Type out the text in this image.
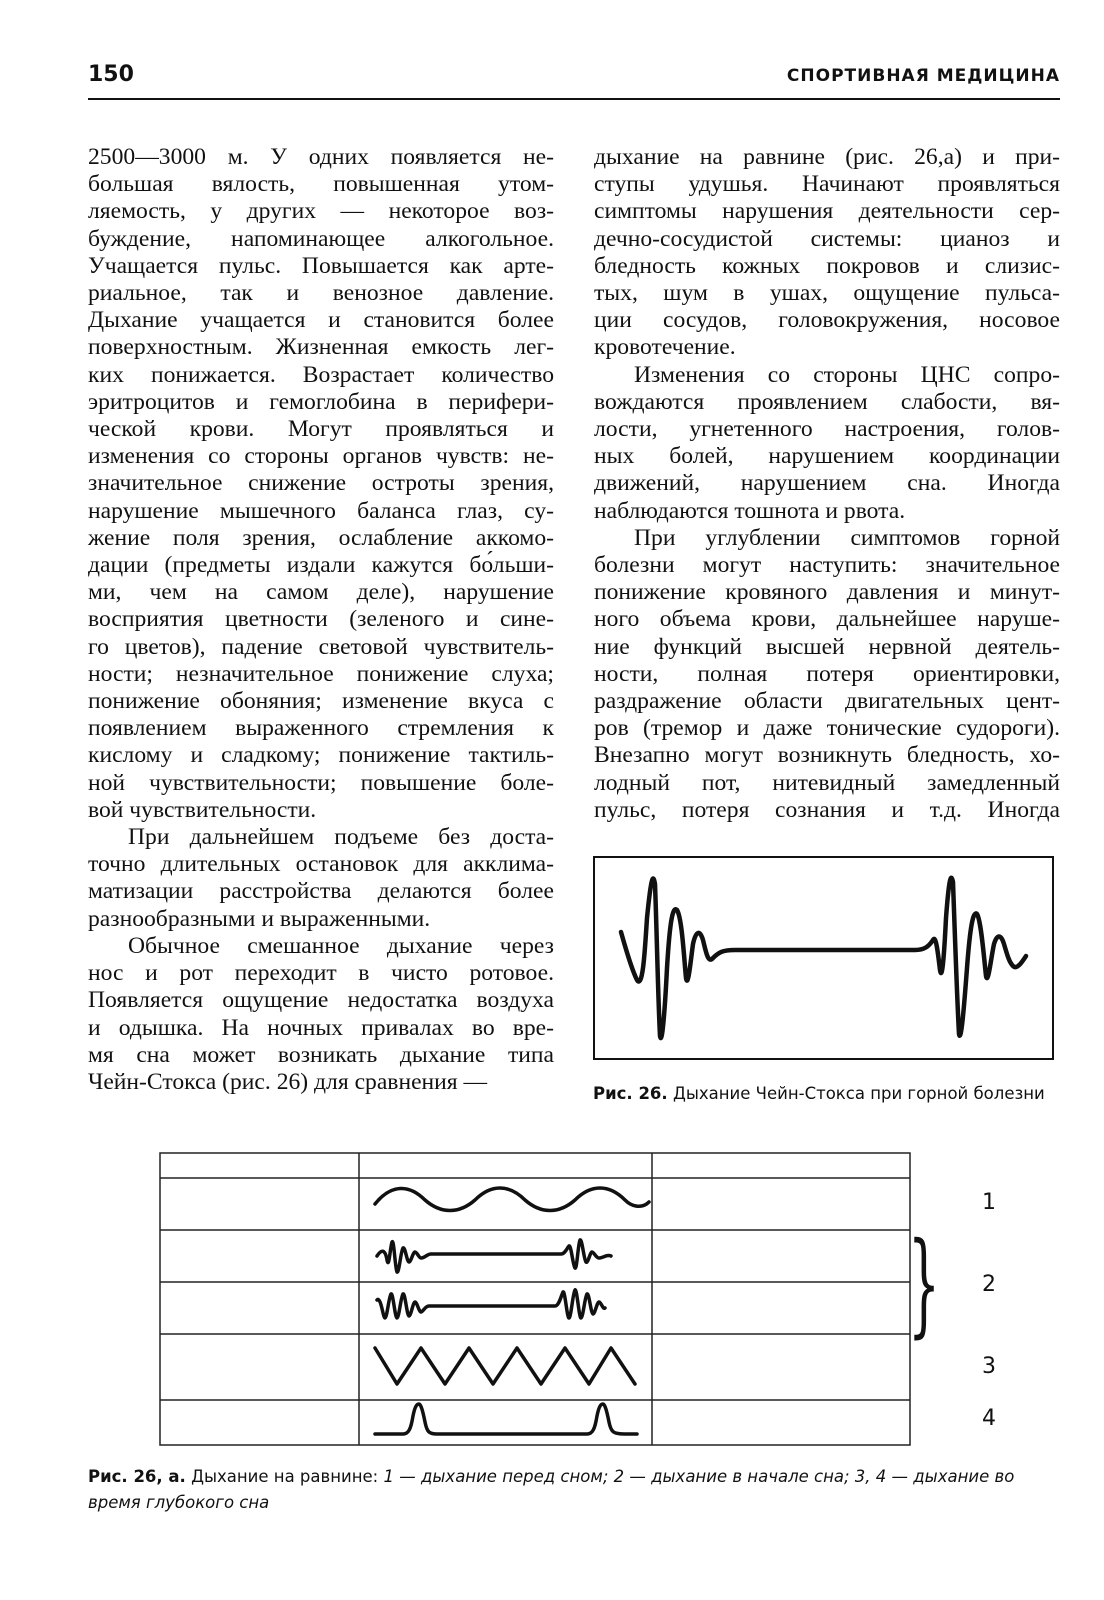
150	СПОРТИВНАЯ МЕДИЦИНА
2500—3000 м. У одних появляется не-
большая вялость, повышенная утом-
ляемость, у других — некоторое воз-
буждение, напоминающее алкогольное.
Учащается пульс. Повышается как арте-
риальное, так и венозное давление.
Дыхание учащается и становится более
поверхностным. Жизненная емкость лег-
ких понижается. Возрастает количество
эритроцитов и гемоглобина в перифери-
ческой крови. Могут проявляться и
изменения со стороны органов чувств: не-
значительное снижение остроты зрения,
нарушение мышечного баланса глаз, су-
жение поля зрения, ослабление аккомо-
дации (предметы издали кажутся бо́льши-
ми, чем на самом деле), нарушение
восприятия цветности (зеленого и сине-
го цветов), падение световой чувствитель-
ности; незначительное понижение слуха;
понижение обоняния; изменение вкуса с
появлением выраженного стремления к
кислому и сладкому; понижение тактиль-
ной чувствительности; повышение боле-
вой чувствительности.
При дальнейшем подъеме без доста-
точно длительных остановок для акклима-
матизации расстройства делаются более
разнообразными и выраженными.
Обычное смешанное дыхание через
нос и рот переходит в чисто ротовое.
Появляется ощущение недостатка воздуха
и одышка. На ночных привалах во вре-
мя сна может возникать дыхание типа
Чейн-Стокса (рис. 26) для сравнения —
дыхание на равнине (рис. 26,а) и при-
ступы удушья. Начинают проявляться
симптомы нарушения деятельности сер-
дечно-сосудистой системы: цианоз и
бледность кожных покровов и слизис-
тых, шум в ушах, ощущение пульса-
ции сосудов, головокружения, носовое
кровотечение.
Изменения со стороны ЦНС сопро-
вождаются проявлением слабости, вя-
лости, угнетенного настроения, голов-
ных болей, нарушением координации
движений, нарушением сна. Иногда
наблюдаются тошнота и рвота.
При углублении симптомов горной
болезни могут наступить: значительное
понижение кровяного давления и минут-
ного объема крови, дальнейшее наруше-
ние функций высшей нервной деятель-
ности, полная потеря ориентировки,
раздражение области двигательных цент-
ров (тремор и даже тонические судороги).
Внезапно могут возникнуть бледность, хо-
лодный пот, нитевидный замедленный
пульс, потеря сознания и т.д. Иногда
Рис. 26. Дыхание Чейн-Стокса при горной болезни
1
} 2
3
4
Рис. 26, а. Дыхание на равнине: 1 — дыхание перед сном; 2 — дыхание в начале сна; 3, 4 — дыхание во время глубокого сна
